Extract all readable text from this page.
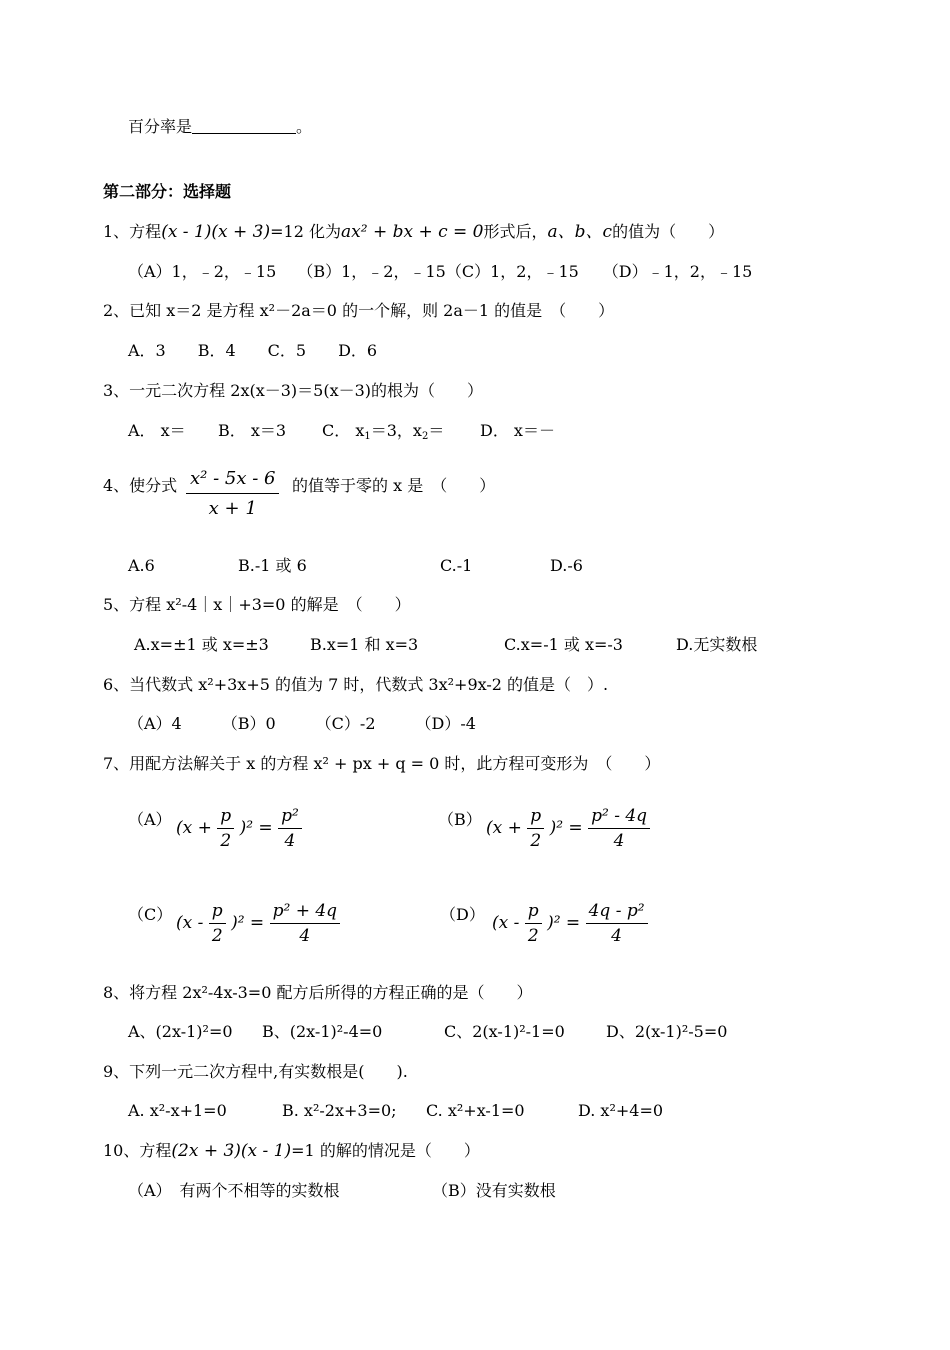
百分率是	。
第二部分：选择题
1、方程(x - 1)(x + 3)=12 化为ax² + bx + c = 0形式后，a、b、c的值为（　　）
（A）1，﹣2，﹣15　 （B）1，﹣2，﹣15（C）1，2，﹣15　　（D）﹣1，2，﹣15
2、已知 x＝2 是方程 x²－2a＝0 的一个解，则 2a－1 的值是　（　　）
A．3　　B．4　　C．5　　D．6
3、一元二次方程 2x(x－3)＝5(x－3)的根为（　　）
A． x＝ B． x＝3 C． $x_1=3$，$x_2= D$． x＝－
4、使分式 $\frac{\text{x² - 5x - 6}}{x + 1}$ 的值等于零的 x 是　（　　）
A.6	B.-1 或 6	C.-1	D.-6
5、方程 x²-4｜x｜+3=0 的解是　（　　）
A.x=±1 或 x=±3	B.x=1 和 x=3	C.x=-1 或 x=-3	D.无实数根
6、当代数式 x²+3x+5 的值为 7 时，代数式 3x²+9x-2 的值是（　）.
（A）4　　　（B）0　　　（C）-2　　　（D）-4
7、用配方法解关于 x 的方程 x² + px + q = 0 时，此方程可变形为　（　　）
（A） $(x + \frac{p}{2} )^2 = \frac{\text{p²}}{4}$	（B） $(x + \frac{p}{2} )^2 = \frac{\text{p² - 4q}}{4}$
（C） $(x - \frac{p}{2} )^2 = \frac{\text{p² + 4q}}{4}$	（D） $(x - \frac{p}{2} )^2 = \frac{\text{4q - p²}}{4}$
8、将方程 2x²-4x-3=0 配方后所得的方程正确的是（　　）
A、(2x-1)²=0 B、(2x-1)²-4=0	C、2(x-1)²-1=0	D、2(x-1)²-5=0
9、下列一元二次方程中,有实数根是(　　).
A. x²-x+1=0	B. x²-2x+3=0; C. x²+x-1=0	D. x²+4=0
10、方程(2x + 3)(x - 1)=1 的解的情况是（　　）
（A）　有两个不相等的实数根	（B）没有实数根
